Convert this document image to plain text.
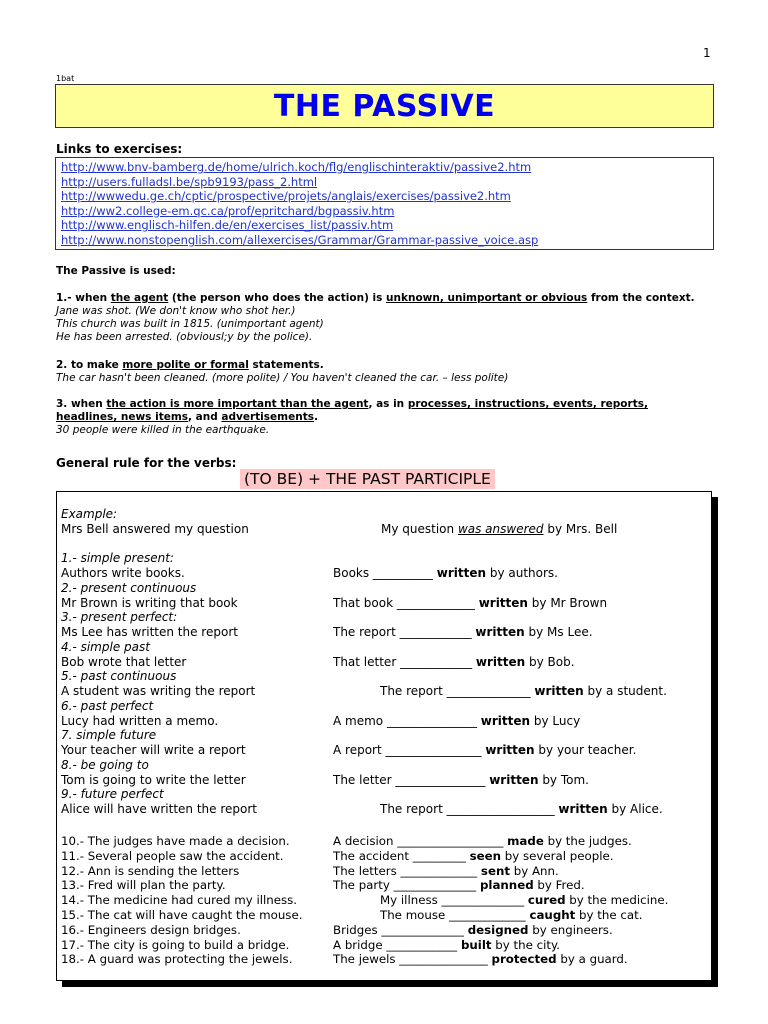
1
1bat
THE PASSIVE
Links to exercises:
http://www.bnv-bamberg.de/home/ulrich.koch/flg/englischinteraktiv/passive2.htm
http://users.fulladsl.be/spb9193/pass_2.html
http://wwwedu.ge.ch/cptic/prospective/projets/anglais/exercises/passive2.htm
http://ww2.college-em.qc.ca/prof/epritchard/bgpassiv.htm
http://www.englisch-hilfen.de/en/exercises_list/passiv.htm
http://www.nonstopenglish.com/allexercises/Grammar/Grammar-passive_voice.asp
The Passive is used:
1.- when the agent (the person who does the action) is unknown, unimportant or obvious from the context.
Jane was shot. (We don't know who shot her.)
This church was built in 1815. (unimportant agent)
He has been arrested. (obviousl;y by the police).
2. to make more polite or formal statements.
The car hasn't been cleaned. (more polite) / You haven't cleaned the car. – less polite)
3. when the action is more important than the agent, as in processes, instructions, events, reports, headlines, news items, and advertisements.
30 people were killed in the earthquake.
General rule for the verbs:
(TO BE) + THE PAST PARTICIPLE
Example:
Mrs Bell answered my question	My question was answered by Mrs. Bell
1.- simple present:
Authors write books.	Books __________ written by authors.
2.- present continuous
Mr Brown is writing that book	That book _____________ written by Mr Brown
3.- present perfect:
Ms Lee has written the report	The report ____________ written by Ms Lee.
4.- simple past
Bob wrote that letter	That letter ____________ written by Bob.
5.- past continuous
A student was writing the report	The report ______________ written by a student.
6.- past perfect
Lucy had written a memo.	A memo _______________ written by Lucy
7. simple future
Your teacher will write a report	A report ________________ written by your teacher.
8.- be going to
Tom is going to write the letter	The letter _______________ written by Tom.
9.- future perfect
Alice will have written the report	The report __________________ written by Alice.
10.- The judges have made a decision.	A decision __________________ made by the judges.
11.- Several people saw the accident.	The accident _________ seen by several people.
12.- Ann is sending the letters	The letters _____________ sent by Ann.
13.- Fred will plan the party.	The party ______________ planned by Fred.
14.- The medicine had cured my illness.	My illness ______________ cured by the medicine.
15.- The cat will have caught the mouse.	The mouse _____________ caught by the cat.
16.- Engineers design bridges.	Bridges ______________ designed by engineers.
17.- The city is going to build a bridge.	A bridge ____________ built by the city.
18.- A guard was protecting the jewels.	The jewels _______________ protected by a guard.
